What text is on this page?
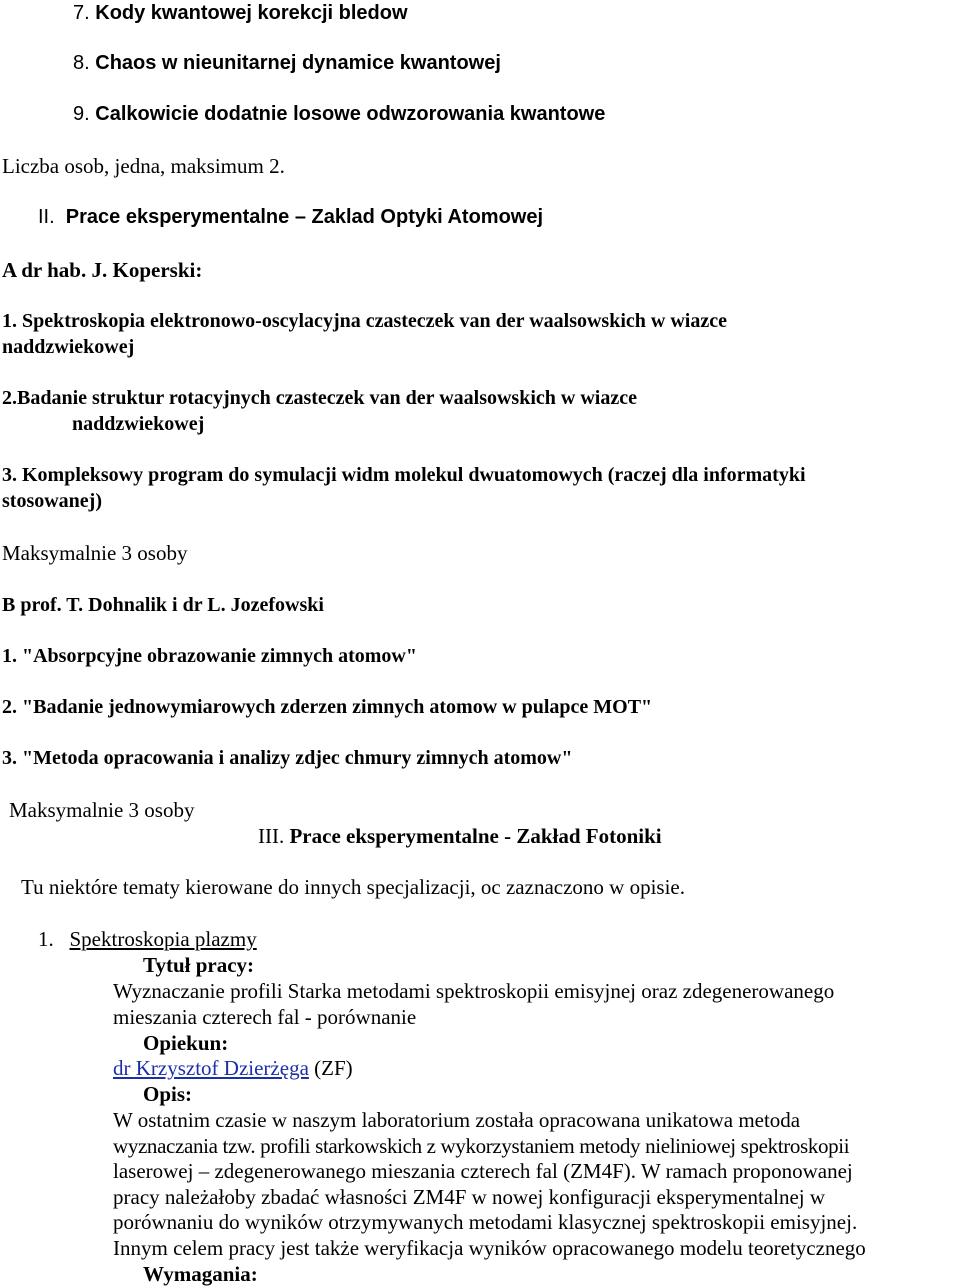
7. Kody kwantowej korekcji bledow
8. Chaos w nieunitarnej dynamice kwantowej
9. Calkowicie dodatnie losowe odwzorowania kwantowe
Liczba osob, jedna, maksimum 2.
II. Prace eksperymentalne – Zaklad Optyki Atomowej
A dr hab. J. Koperski:
1. Spektroskopia elektronowo-oscylacyjna czasteczek van der waalsowskich w wiazce
naddzwiekowej
2.Badanie struktur rotacyjnych czasteczek van der waalsowskich w wiazce
naddzwiekowej
3. Kompleksowy program do symulacji widm molekul dwuatomowych (raczej dla informatyki
stosowanej)
Maksymalnie 3 osoby
B prof. T. Dohnalik i dr L. Jozefowski
1. "Absorpcyjne obrazowanie zimnych atomow"
2. "Badanie jednowymiarowych zderzen zimnych atomow w pulapce MOT"
3. "Metoda opracowania i analizy zdjec chmury zimnych atomow"
Maksymalnie 3 osoby
III. Prace eksperymentalne - Zakład Fotoniki
Tu niektóre tematy kierowane do innych specjalizacji, oc zaznaczono w opisie.
1. Spektroskopia plazmy
Tytuł pracy:
Wyznaczanie profili Starka metodami spektroskopii emisyjnej oraz zdegenerowanego
mieszania czterech fal - porównanie
Opiekun:
dr Krzysztof Dzierżęga (ZF)
Opis:
W ostatnim czasie w naszym laboratorium została opracowana unikatowa metoda
wyznaczania tzw. profili starkowskich z wykorzystaniem metody nieliniowej spektroskopii
laserowej – zdegenerowanego mieszania czterech fal (ZM4F). W ramach proponowanej
pracy należałoby zbadać własności ZM4F w nowej konfiguracji eksperymentalnej w
porównaniu do wyników otrzymywanych metodami klasycznej spektroskopii emisyjnej.
Innym celem pracy jest także weryfikacja wyników opracowanego modelu teoretycznego
Wymagania:
